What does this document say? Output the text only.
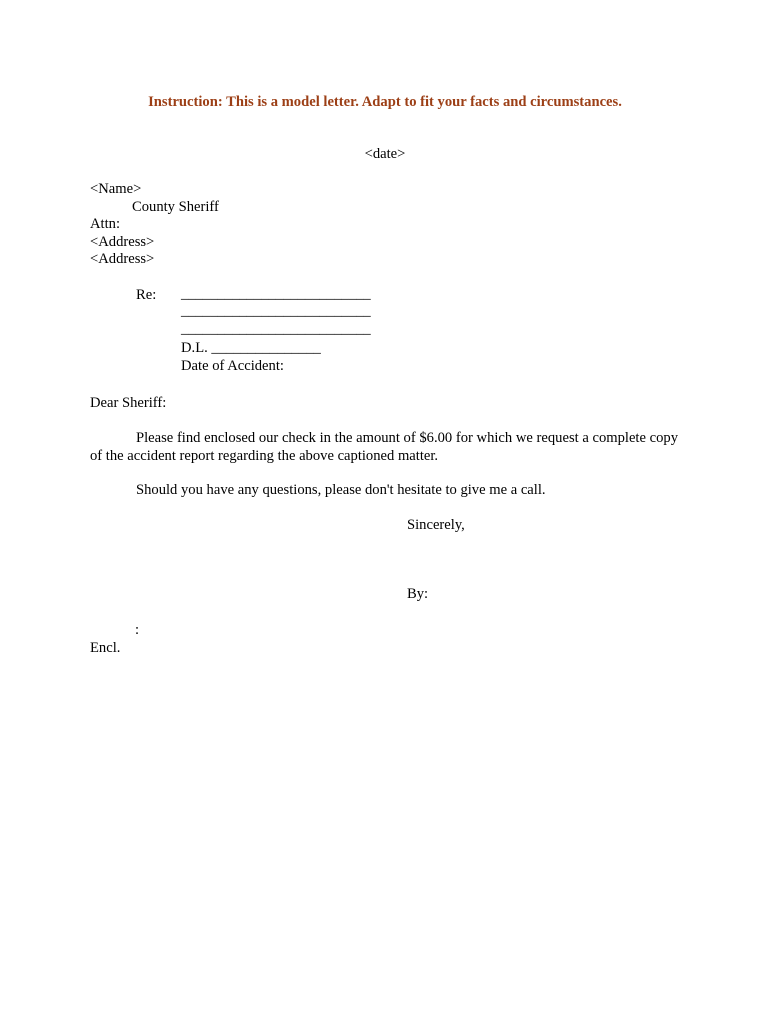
Instruction: This is a model letter. Adapt to fit your facts and circumstances.
<date>
<Name>
County Sheriff
Attn:
<Address>
<Address>
Re: __________________________
__________________________
__________________________
D.L. _______________
Date of Accident:
Dear Sheriff:
Please find enclosed our check in the amount of $6.00 for which we request a complete copy of the accident report regarding the above captioned matter.
Should you have any questions, please don't hesitate to give me a call.
Sincerely,
By:
:
Encl.
